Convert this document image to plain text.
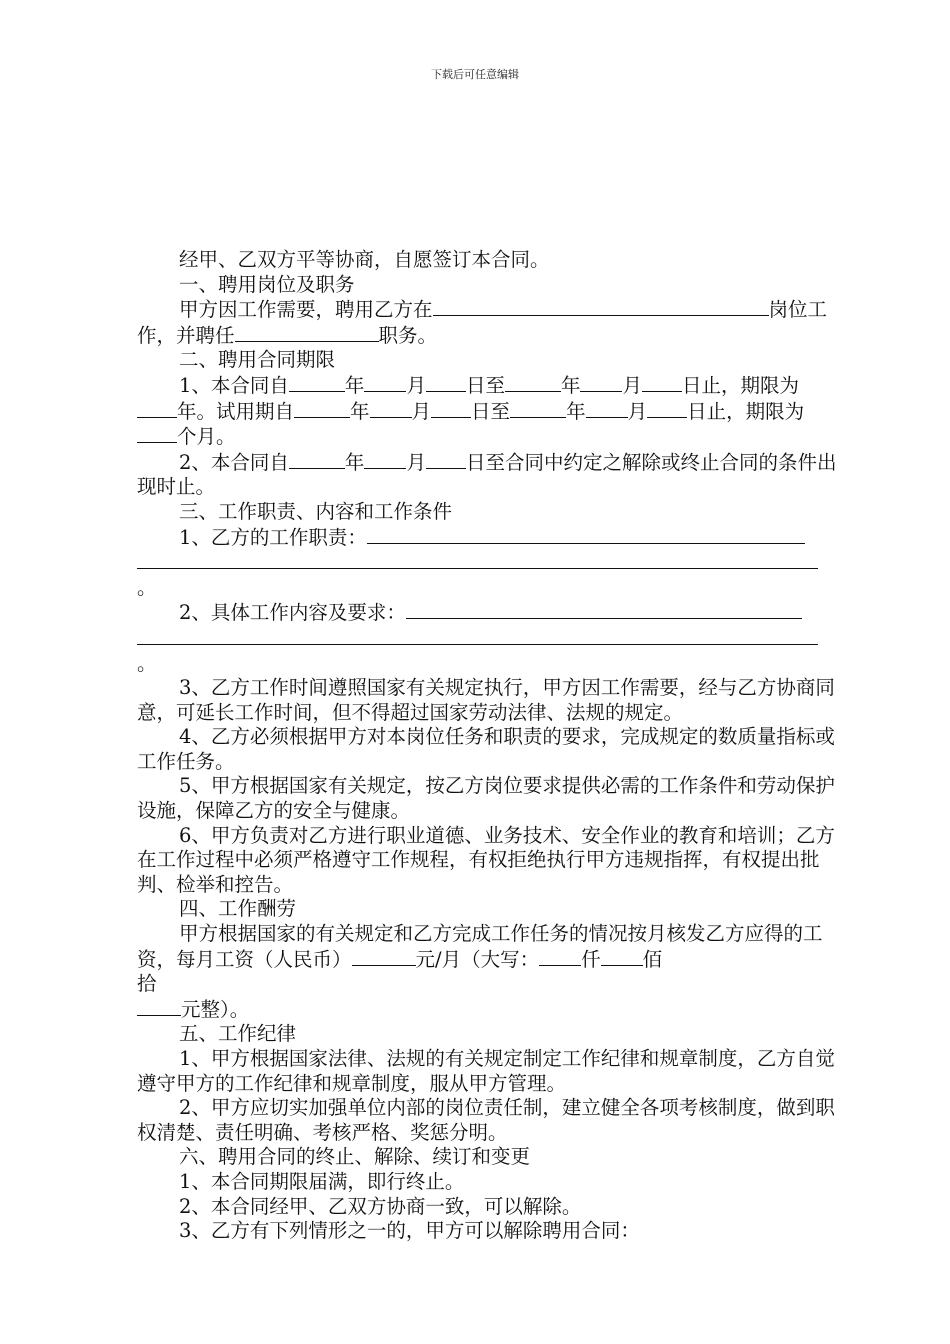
下载后可任意编辑

经甲、乙双方平等协商，自愿签订本合同。

一、聘用岗位及职务

甲方因工作需要，聘用乙方在	岗位工作，并聘任	职务。

二、聘用合同期限

1、本合同自	年 月 日至	年 月 日止，期限为年。试用期自	年 月 日至	年 月 日止，期限为个月。

2、本合同自	年 月 日至合同中约定之解除或终止合同的条件出现时止。

三、工作职责、内容和工作条件

1、乙方的工作职责：

。

2、具体工作内容及要求：

。

3、乙方工作时间遵照国家有关规定执行，甲方因工作需要，经与乙方协商同意，可延长工作时间，但不得超过国家劳动法律、法规的规定。

4、乙方必须根据甲方对本岗位任务和职责的要求，完成规定的数质量指标或工作任务。

5、甲方根据国家有关规定，按乙方岗位要求提供必需的工作条件和劳动保护设施，保障乙方的安全与健康。

6、甲方负责对乙方进行职业道德、业务技术、安全作业的教育和培训；乙方在工作过程中必须严格遵守工作规程，有权拒绝执行甲方违规指挥，有权提出批判、检举和控告。

四、工作酬劳

甲方根据国家的有关规定和乙方完成工作任务的情况按月核发乙方应得的工资，每月工资（人民币）	元/月（大写： 仟 佰
拾
元整）。

五、工作纪律

1、甲方根据国家法律、法规的有关规定制定工作纪律和规章制度，乙方自觉遵守甲方的工作纪律和规章制度，服从甲方管理。

2、甲方应切实加强单位内部的岗位责任制，建立健全各项考核制度，做到职权清楚、责任明确、考核严格、奖惩分明。

六、聘用合同的终止、解除、续订和变更

1、本合同期限届满，即行终止。

2、本合同经甲、乙双方协商一致，可以解除。

3、乙方有下列情形之一的，甲方可以解除聘用合同：
